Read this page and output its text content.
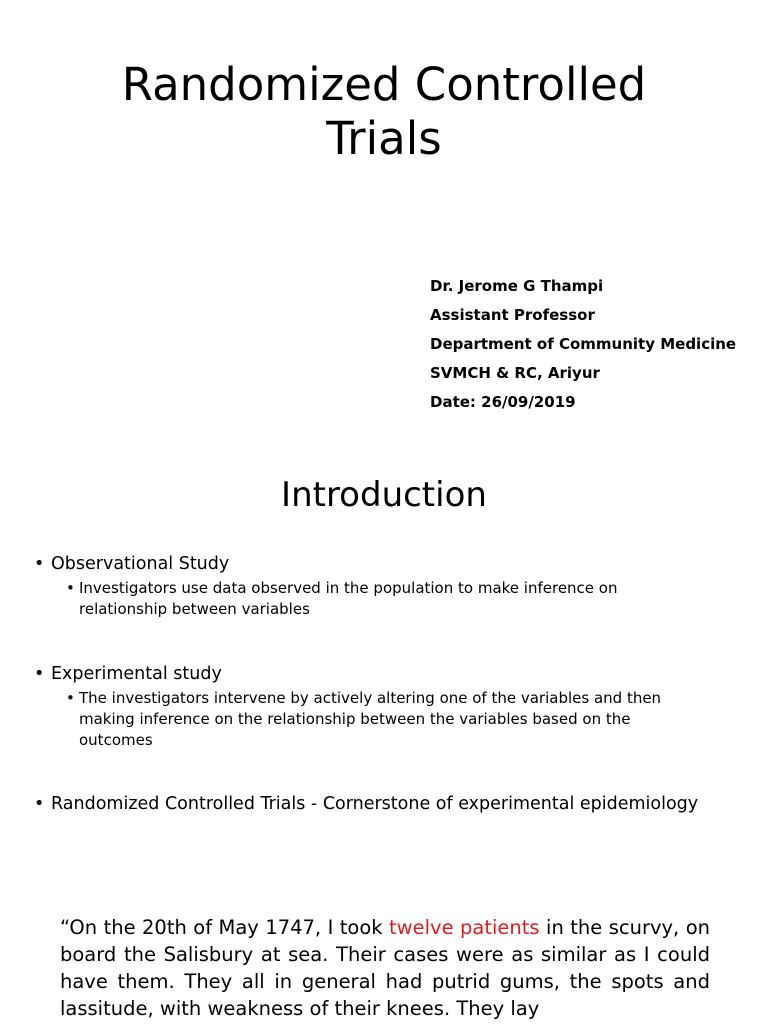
Randomized Controlled
Trials
Dr. Jerome G Thampi
Assistant Professor
Department of Community Medicine
SVMCH & RC, Ariyur
Date: 26/09/2019
Introduction
• Observational Study
• Investigators use data observed in the population to make inference on relationship between variables
• Experimental study
• The investigators intervene by actively altering one of the variables and then making inference on the relationship between the variables based on the outcomes
• Randomized Controlled Trials - Cornerstone of experimental epidemiology
“On the 20th of May 1747, I took twelve patients in the scurvy, on board the Salisbury at sea. Their cases were as similar as I could have them. They all in general had putrid gums, the spots and lassitude, with weakness of their knees. They lay
